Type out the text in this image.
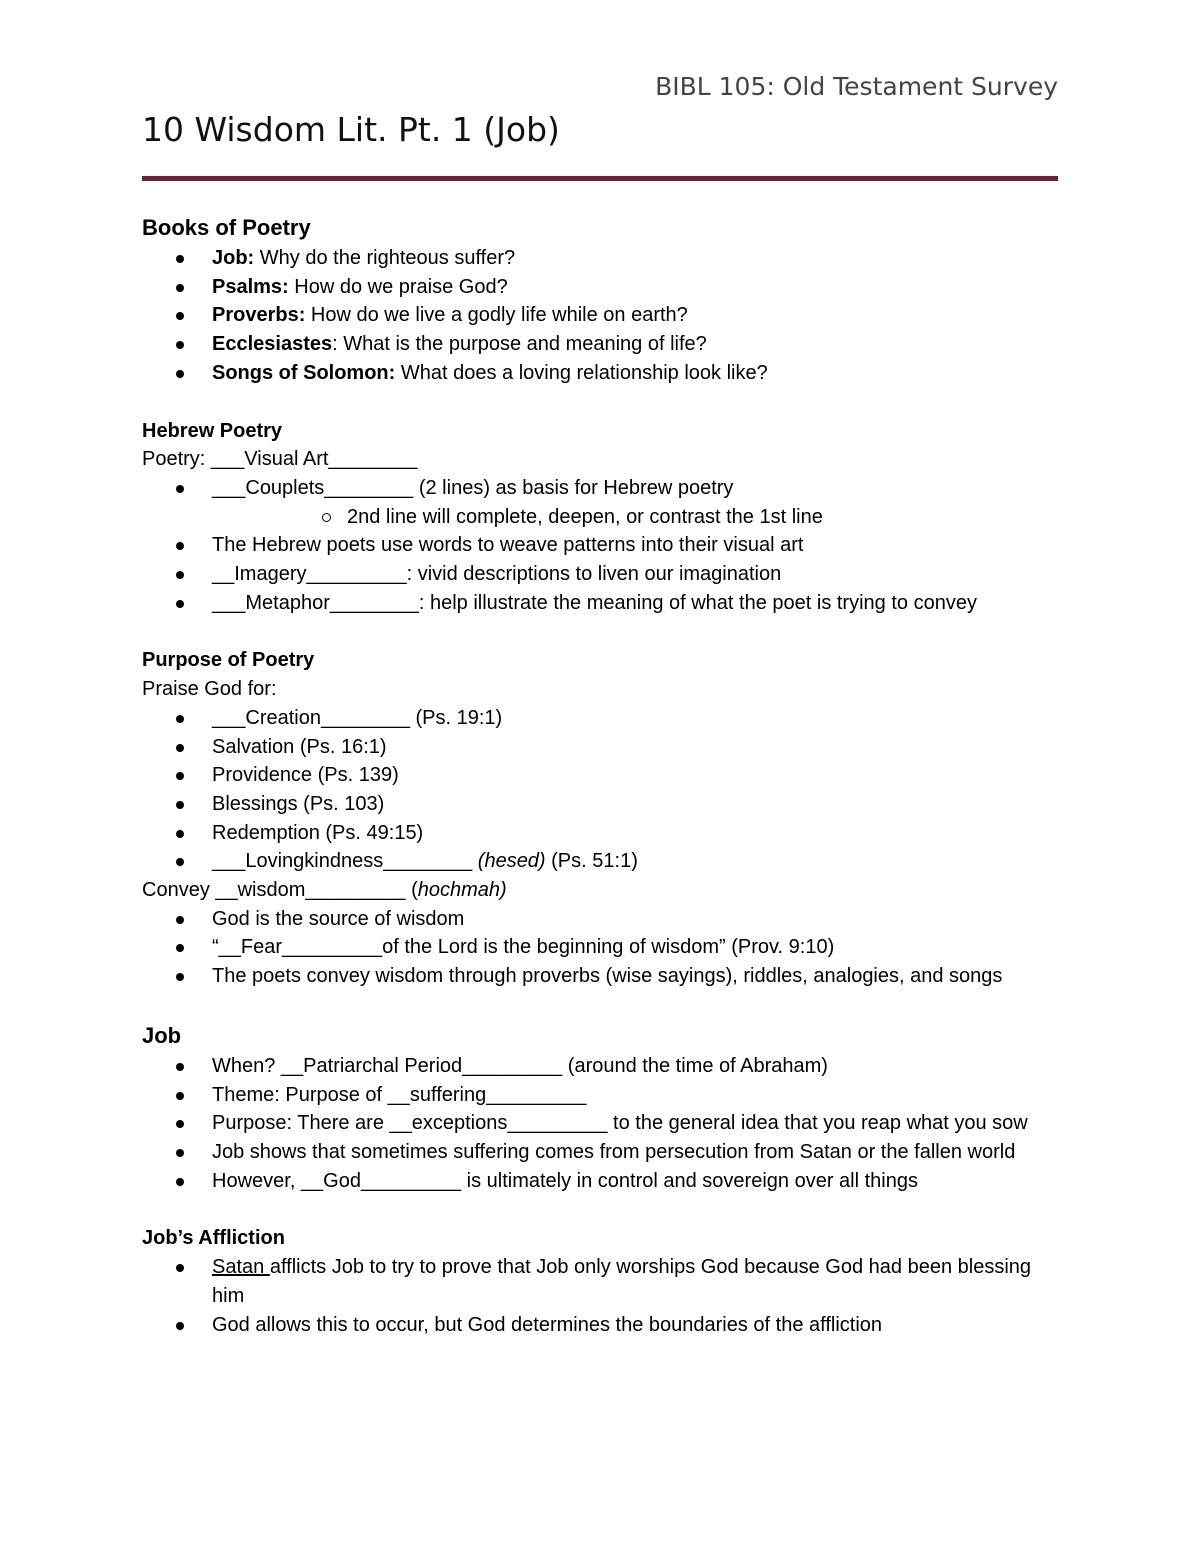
BIBL 105: Old Testament Survey
10 Wisdom Lit. Pt. 1 (Job)

Books of Poetry

Job: Why do the righteous suffer?
Psalms: How do we praise God?
Proverbs: How do we live a godly life while on earth?
Ecclesiastes: What is the purpose and meaning of life?
Songs of Solomon: What does a loving relationship look like?

Hebrew Poetry

Poetry: ___Visual Art________

___Couplets________ (2 lines) as basis for Hebrew poetry
2nd line will complete, deepen, or contrast the 1st line
The Hebrew poets use words to weave patterns into their visual art
__Imagery_________: vivid descriptions to liven our imagination
___Metaphor________: help illustrate the meaning of what the poet is trying to convey

Purpose of Poetry

Praise God for:

___Creation________ (Ps. 19:1)
Salvation (Ps. 16:1)
Providence (Ps. 139)
Blessings (Ps. 103)
Redemption (Ps. 49:15)
___Lovingkindness________ (hesed) (Ps. 51:1)

Convey __wisdom_________ (hochmah)

God is the source of wisdom
“__Fear_________of the Lord is the beginning of wisdom” (Prov. 9:10)
The poets convey wisdom through proverbs (wise sayings), riddles, analogies, and songs

Job

When? __Patriarchal Period_________ (around the time of Abraham)
Theme: Purpose of __suffering_________
Purpose: There are __exceptions_________ to the general idea that you reap what you sow
Job shows that sometimes suffering comes from persecution from Satan or the fallen world
However, __God_________ is ultimately in control and sovereign over all things

Job’s Affliction

Satan afflicts Job to try to prove that Job only worships God because God had been blessing him
God allows this to occur, but God determines the boundaries of the affliction
